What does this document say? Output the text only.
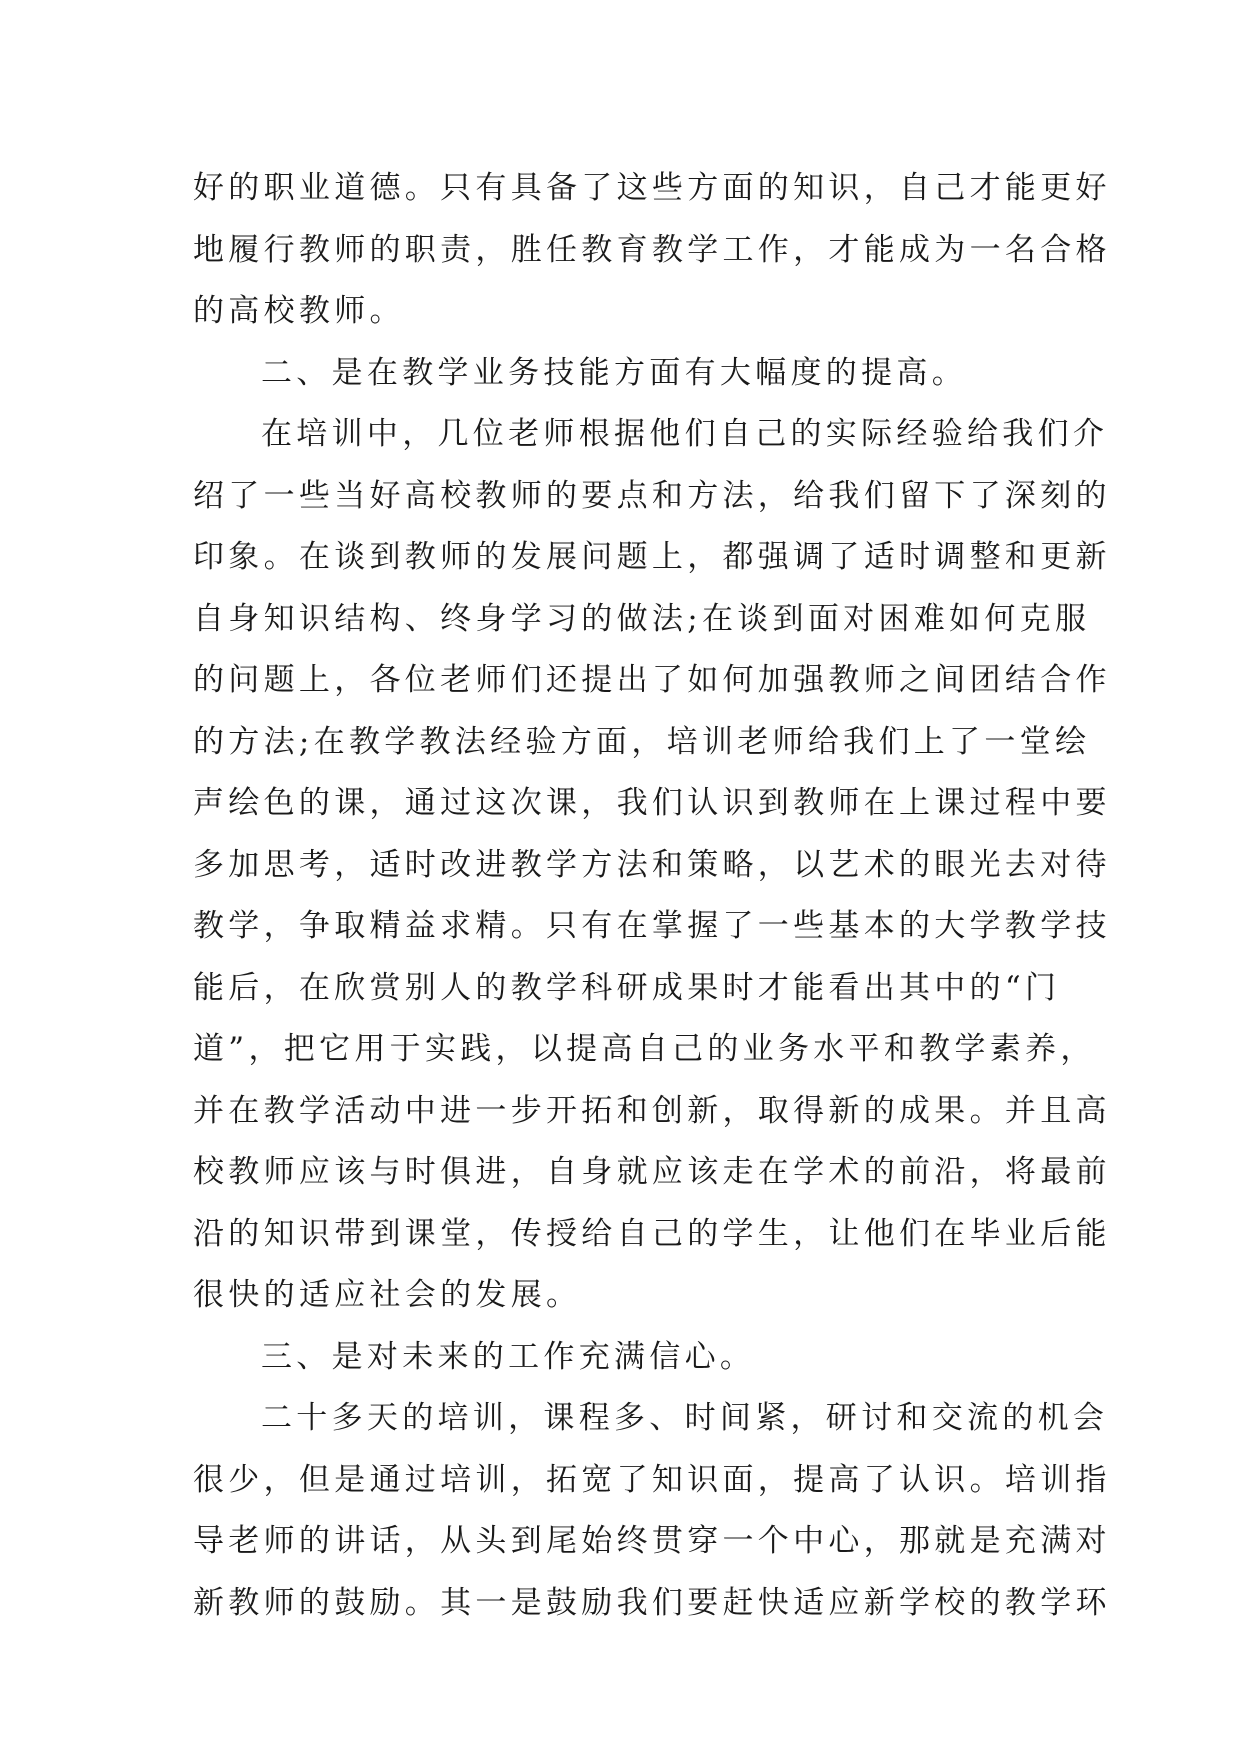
好的职业道德。只有具备了这些方面的知识，自己才能更好
地履行教师的职责，胜任教育教学工作，才能成为一名合格
的高校教师。
二、是在教学业务技能方面有大幅度的提高。
在培训中，几位老师根据他们自己的实际经验给我们介
绍了一些当好高校教师的要点和方法，给我们留下了深刻的
印象。在谈到教师的发展问题上，都强调了适时调整和更新
自身知识结构、终身学习的做法;在谈到面对困难如何克服
的问题上，各位老师们还提出了如何加强教师之间团结合作
的方法;在教学教法经验方面，培训老师给我们上了一堂绘
声绘色的课，通过这次课，我们认识到教师在上课过程中要
多加思考，适时改进教学方法和策略，以艺术的眼光去对待
教学，争取精益求精。只有在掌握了一些基本的大学教学技
能后，在欣赏别人的教学科研成果时才能看出其中的“门
道”，把它用于实践，以提高自己的业务水平和教学素养，
并在教学活动中进一步开拓和创新，取得新的成果。并且高
校教师应该与时俱进，自身就应该走在学术的前沿，将最前
沿的知识带到课堂，传授给自己的学生，让他们在毕业后能
很快的适应社会的发展。
三、是对未来的工作充满信心。
二十多天的培训，课程多、时间紧，研讨和交流的机会
很少，但是通过培训，拓宽了知识面，提高了认识。培训指
导老师的讲话，从头到尾始终贯穿一个中心，那就是充满对
新教师的鼓励。其一是鼓励我们要赶快适应新学校的教学环
